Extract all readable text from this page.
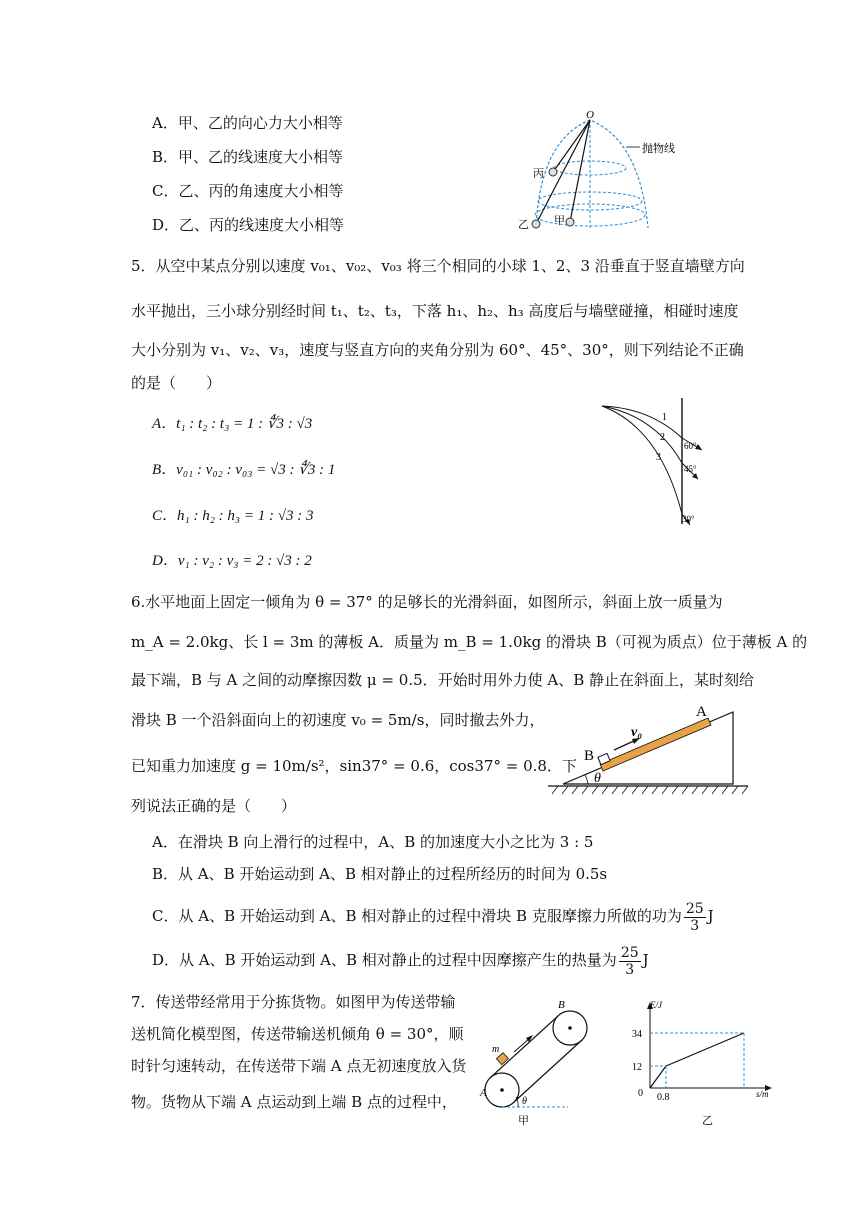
A．甲、乙的向心力大小相等
B．甲、乙的线速度大小相等
C．乙、丙的角速度大小相等
D．乙、丙的线速度大小相等
O
抛物线
丙
乙 甲
5．从空中某点分别以速度 v₀₁、v₀₂、v₀₃ 将三个相同的小球 1、2、3 沿垂直于竖直墙壁方向
水平抛出，三小球分别经时间 t₁、t₂、t₃，下落 h₁、h₂、h₃ 高度后与墙壁碰撞，相碰时速度
大小分别为 v₁、v₂、v₃，速度与竖直方向的夹角分别为 60°、45°、30°，则下列结论不正确
的是（　　）
A．t₁ : t₂ : t₃ = 1 : ∜3 : √3
B．v₀₁ : v₀₂ : v₀₃ = √3 : ∜3 : 1
C．h₁ : h₂ : h₃ = 1 : √3 : 3
D．v₁ : v₂ : v₃ = 2 : √3 : 2
1
2
3
60°
45°
30°
6.水平地面上固定一倾角为 θ = 37° 的足够长的光滑斜面，如图所示，斜面上放一质量为
m_A = 2.0kg、长 l = 3m 的薄板 A．质量为 m_B = 1.0kg 的滑块 B（可视为质点）位于薄板 A 的
最下端，B 与 A 之间的动摩擦因数 μ = 0.5．开始时用外力使 A、B 静止在斜面上，某时刻给
滑块 B 一个沿斜面向上的初速度 v₀ = 5m/s，同时撤去外力，
已知重力加速度 g = 10m/s²，sin37° = 0.6，cos37° = 0.8．下
列说法正确的是（　　）
A．在滑块 B 向上滑行的过程中，A、B 的加速度大小之比为 3 : 5
B．从 A、B 开始运动到 A、B 相对静止的过程所经历的时间为 0.5s
C．从 A、B 开始运动到 A、B 相对静止的过程中滑块 B 克服摩擦力所做的功为 $\frac{25}{3}$ J
D．从 A、B 开始运动到 A、B 相对静止的过程中因摩擦产生的热量为 $\frac{25}{3}$ J
A
B
v₀
θ
7．传送带经常用于分拣货物。如图甲为传送带输
送机简化模型图，传送带输送机倾角 θ = 30°，顺
时针匀速转动，在传送带下端 A 点无初速度放入货
物。货物从下端 A 点运动到上端 B 点的过程中， A
B
m
θ
甲
E/J
s/m
0
34
12
0.8
乙
